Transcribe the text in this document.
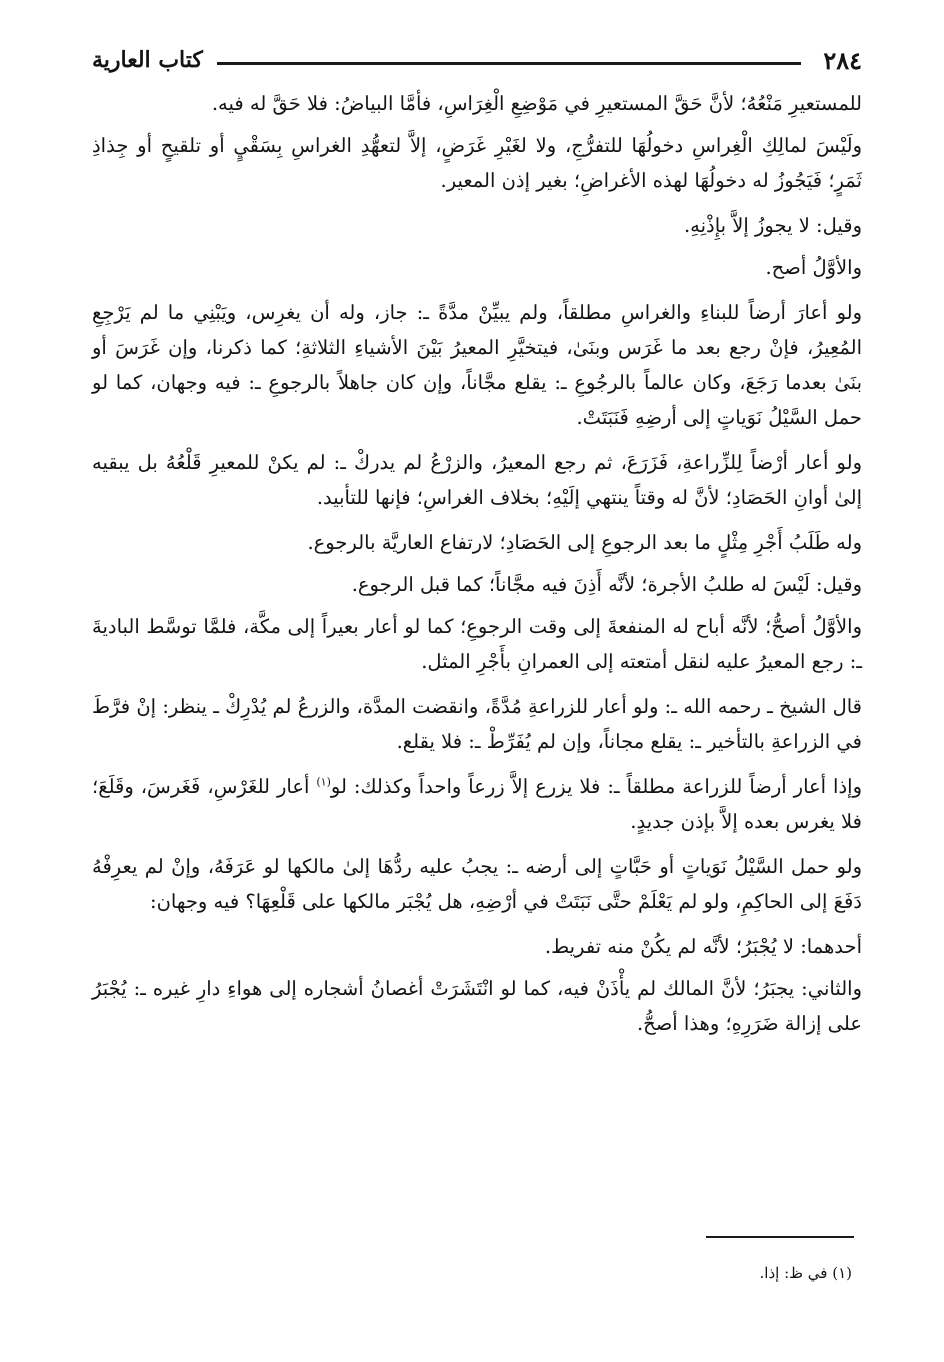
٢٨٤
كتاب العارية

للمستعيرِ مَنْعُهُ؛ لأنَّ حَقَّ المستعيرِ في مَوْضِعِ الْغِرَاسِ، فأمَّا البياضُ: فلا حَقَّ له فيه.

ولَيْسَ لمالِكِ الْغِراسِ دخولُهَا للتفرُّجِ، ولا لغَيْرِ غَرَضٍ، إلاَّ لتعهُّدِ الغراسِ بِسَقْيٍ أو تلقيحٍ أو جِذاذِ ثَمَرٍ؛ فَيَجُوزُ له دخولُهَا لهذه الأغراضِ؛ بغير إذن المعير.

وقيل: لا يجوزُ إلاَّ بإِذْنِهِ.

والأوَّلُ أصح.

ولو أعارَ أرضاً للبناءِ والغراسِ مطلقاً، ولم يبيِّنْ مدَّةً ـ: جاز، وله أن يغرِس، ويَبْنِي ما لم يَرْجِعِ المُعِيرُ، فإنْ رجع بعد ما غَرَس وبنَىٰ، فيتخيَّرِ المعيرُ بَيْنَ الأشياءِ الثلاثةِ؛ كما ذكرنا، وإن غَرَسَ أو بنَىٰ بعدما رَجَعَ، وكان عالماً بالرجُوعِ ـ: يقلع مجَّاناً، وإن كان جاهلاً بالرجوعِ ـ: فيه وجهان، كما لو حمل السَّيْلُ نَوَياتٍ إلى أرضِهِ فَنَبَتَتْ.

ولو أعار أرْضاً لِلزِّراعةِ، فَزَرَعَ، ثم رجع المعيرُ، والزرْعُ لم يدركْ ـ: لم يكنْ للمعيرِ قَلْعُهُ بل يبقيه إلىٰ أوانِ الحَصَادِ؛ لأنَّ له وقتاً ينتهي إلَيْهِ؛ بخلاف الغراسِ؛ فإنها للتأبيد.

وله طَلَبُ أَجْرِ مِثْلٍ ما بعد الرجوعِ إلى الحَصَادِ؛ لارتفاع العاريَّة بالرجوع.

وقيل: لَيْسَ له طلبُ الأجرة؛ لأنَّه أَذِنَ فيه مجَّاناً؛ كما قبل الرجوع.

والأوَّلُ أصحُّ؛ لأنَّه أباح له المنفعةَ إلى وقت الرجوعِ؛ كما لو أعار بعيراً إلى مكَّة، فلمَّا توسَّط الباديةَ ـ: رجع المعيرُ عليه لنقل أمتعته إلى العمرانِ بأَجْرِ المثل.

قال الشيخ ـ رحمه الله ـ: ولو أعار للزراعةِ مُدَّةً، وانقضت المدَّة، والزرعُ لم يُدْرِكْ ـ ينظر: إنْ فرَّطَ في الزراعةِ بالتأخير ـ: يقلع مجاناً، وإن لم يُفَرِّطْ ـ: فلا يقلع.

وإذا أعار أرضاً للزراعة مطلقاً ـ: فلا يزرع إلاَّ زرعاً واحداً وكذلك: لو$^{(١)}$ أعار للغَرْسِ، فَغَرسَ، وقَلَعَ؛ فلا يغرس بعده إلاَّ بإذن جديدٍ.

ولو حمل السَّيْلُ نَوَياتٍ أو حَبَّاتٍ إلى أرضه ـ: يجبُ عليه ردُّهَا إلىٰ مالكها لو عَرَفَهُ، وإنْ لم يعرِفْهُ دَفَعَ إلى الحاكِمِ، ولو لم يَعْلَمْ حتَّى نَبَتَتْ في أرْضِهِ، هل يُجْبَر مالكها على قَلْعِهَا؟ فيه وجهان:

أحدهما: لا يُجْبَرُ؛ لأنَّه لم يكُنْ منه تفريط.

والثاني: يجبَرُ؛ لأنَّ المالك لم يأْذَنْ فيه، كما لو انْتَشَرَتْ أغصانُ أشجاره إلى هواءِ دارِ غيره ـ: يُجْبَرُ على إزالة ضَرَرِهِ؛ وهذا أصحُّ.

(١) في ظ: إذا.
